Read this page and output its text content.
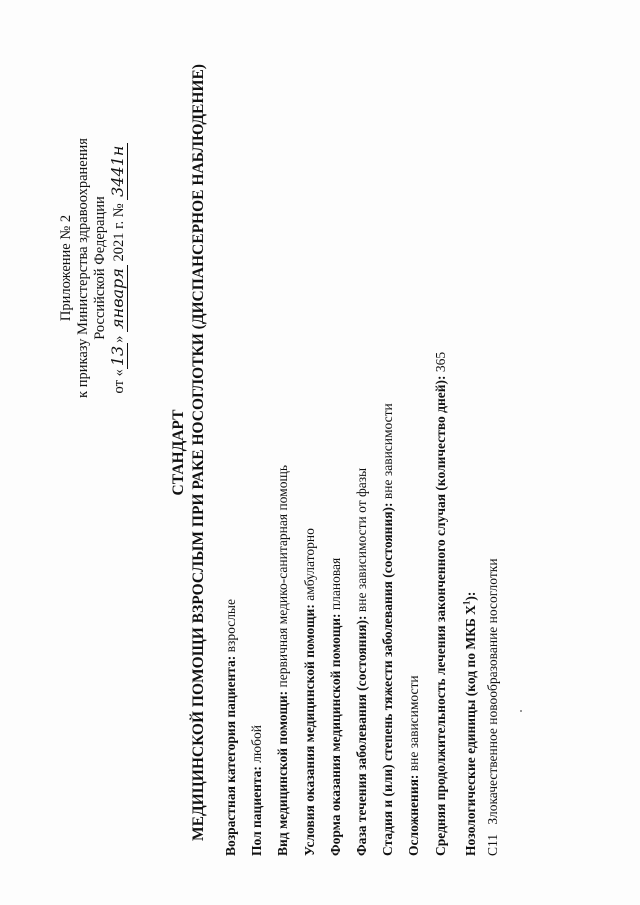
Приложение № 2 к приказу Министерства здравоохранения Российской Федерации
от «13» января 2021 г. № 3441н
СТАНДАРТ МЕДИЦИНСКОЙ ПОМОЩИ ВЗРОСЛЫМ ПРИ РАКЕ НОСОГЛОТКИ (ДИСПАНСЕРНОЕ НАБЛЮДЕНИЕ) Возрастная категория пациента: взрослые
Пол пациента: любой Вид медицинской помощи: первичная медико-санитарная помощь
Условия оказания медицинской помощи: амбулаторно
Форма оказания медицинской помощи: плановая
Фаза течения заболевания (состояния): вне зависимости от фазы Стадия и (или) степень тяжести заболевания (состояния): вне зависимости
Осложнения: вне зависимости Средняя продолжительность лечения законченного случая (количество дней): 365
Нозологические единицы (код по МКБ $X^1$):
C11 Злокачественное новообразование носоглотки
